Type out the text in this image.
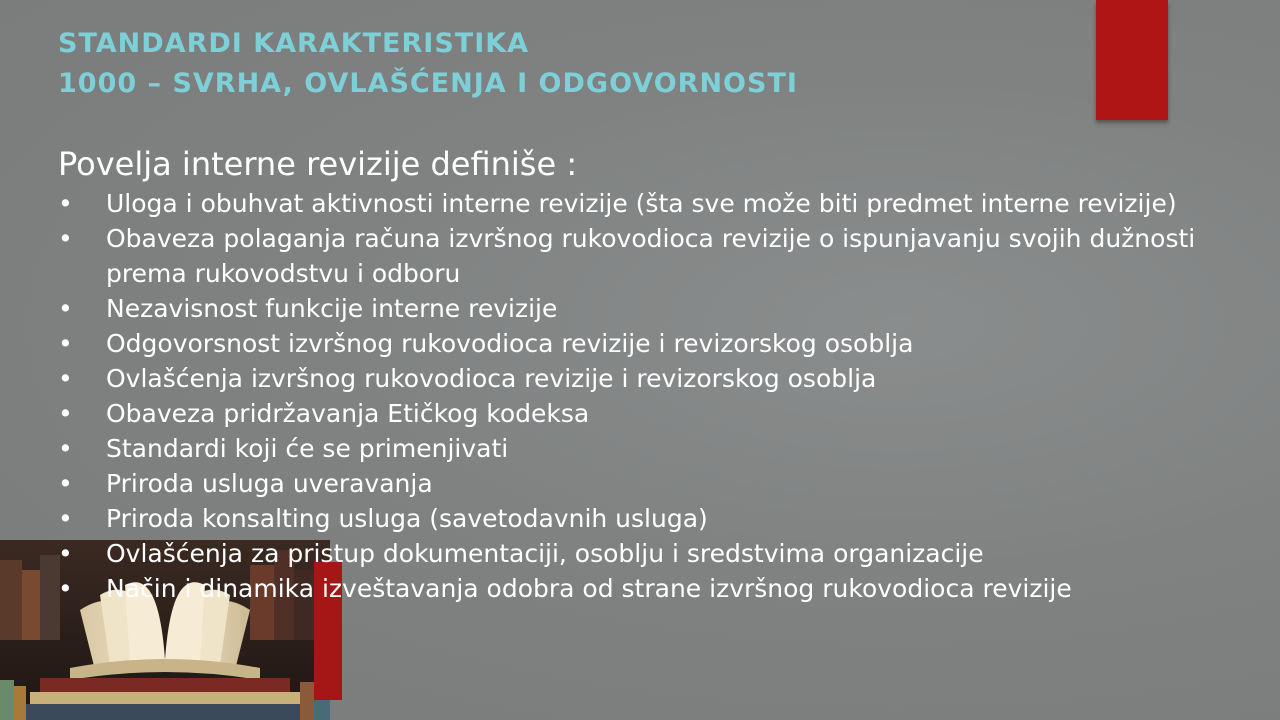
STANDARDI KARAKTERISTIKA
1000 – SVRHA, OVLAŠĆENJA I ODGOVORNOSTI
Povelja interne revizije definiše :
• Uloga i obuhvat aktivnosti interne revizije (šta sve može biti predmet interne revizije)
• Obaveza polaganja računa izvršnog rukovodioca revizije o ispunjavanju svojih dužnosti prema rukovodstvu i odboru
• Nezavisnost funkcije interne revizije
• Odgovorsnost izvršnog rukovodioca revizije i revizorskog osoblja
• Ovlašćenja izvršnog rukovodioca revizije i revizorskog osoblja
• Obaveza pridržavanja Etičkog kodeksa
• Standardi koji će se primenjivati
• Priroda usluga uveravanja
• Priroda konsalting usluga (savetodavnih usluga)
• Ovlašćenja za pristup dokumentaciji, osoblju i sredstvima organizacije
• Način i dinamika izveštavanja odobra od strane izvršnog rukovodioca revizije
